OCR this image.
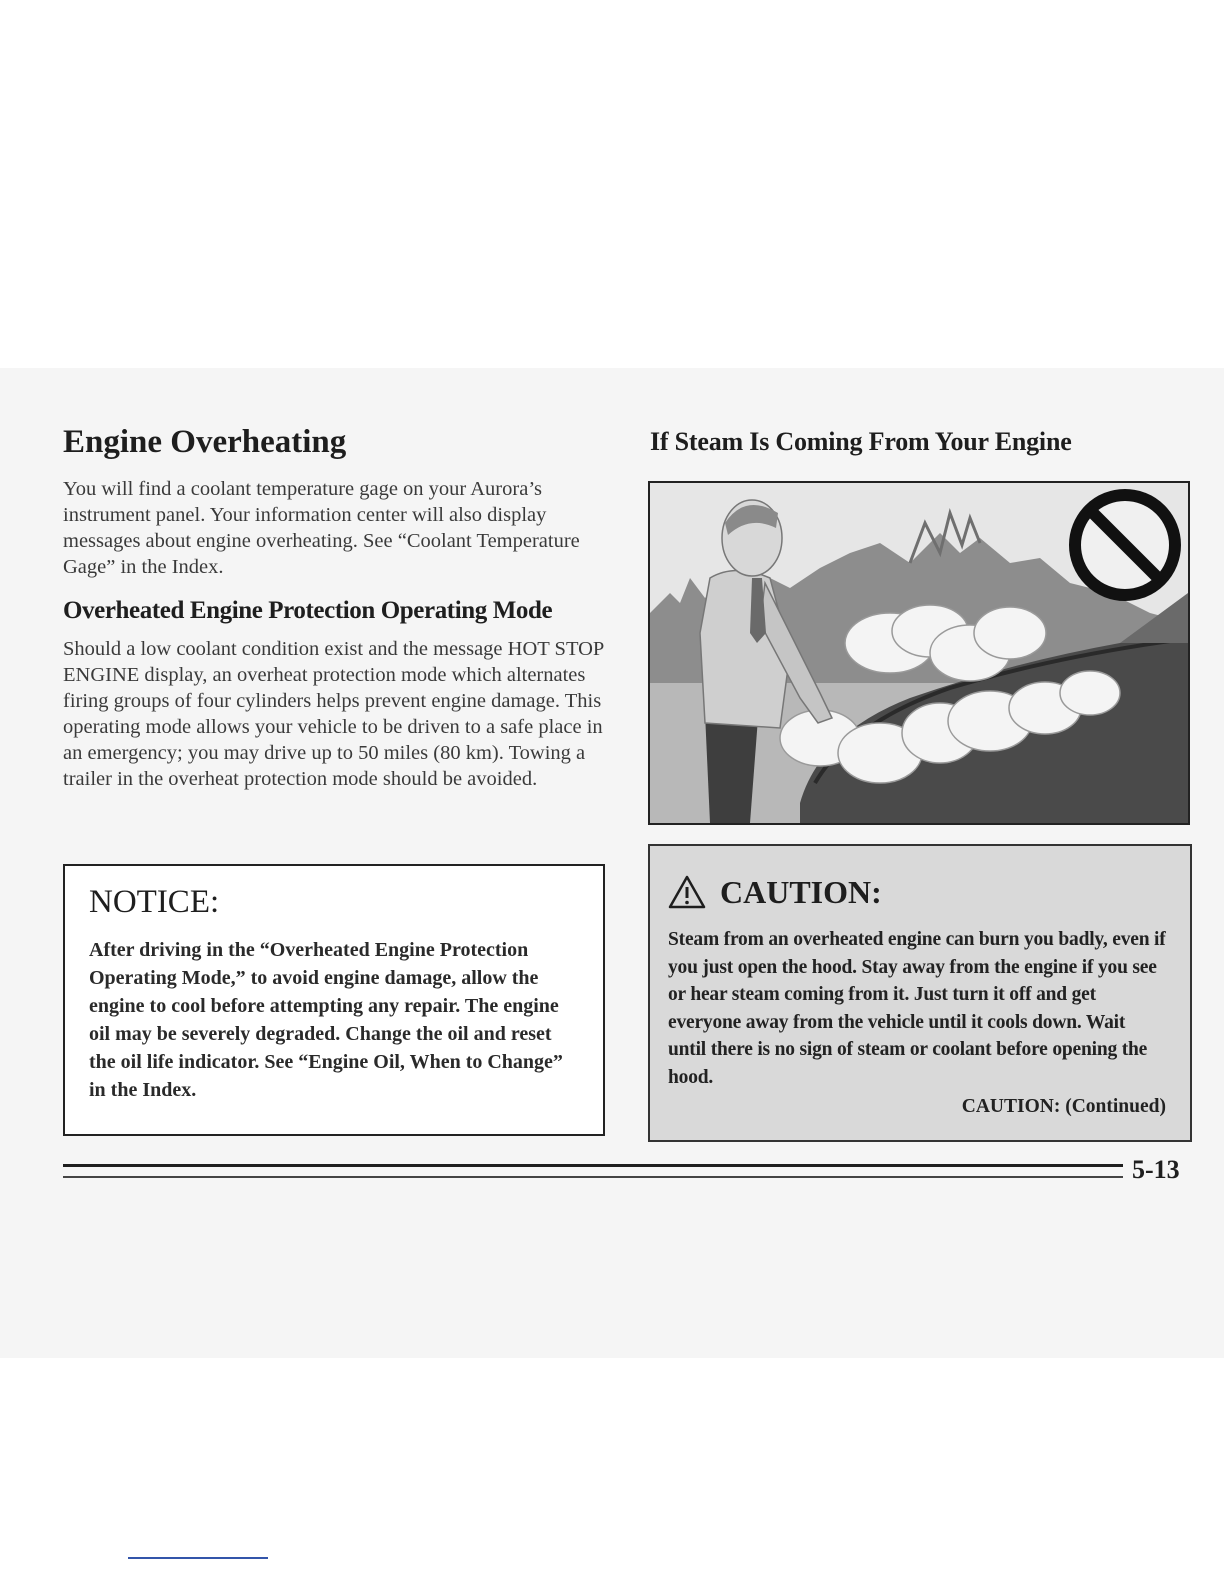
Engine Overheating

You will find a coolant temperature gage on your Aurora’s instrument panel. Your information center will also display messages about engine overheating. See “Coolant Temperature Gage” in the Index.

Overheated Engine Protection Operating Mode

Should a low coolant condition exist and the message HOT STOP ENGINE display, an overheat protection mode which alternates firing groups of four cylinders helps prevent engine damage. This operating mode allows your vehicle to be driven to a safe place in an emergency; you may drive up to 50 miles (80 km). Towing a trailer in the overheat protection mode should be avoided.

NOTICE:

After driving in the “Overheated Engine Protection Operating Mode,” to avoid engine damage, allow the engine to cool before attempting any repair. The engine oil may be severely degraded. Change the oil and reset the oil life indicator. See “Engine Oil, When to Change” in the Index.

If Steam Is Coming From Your Engine
CAUTION:

Steam from an overheated engine can burn you badly, even if you just open the hood. Stay away from the engine if you see or hear steam coming from it. Just turn it off and get everyone away from the vehicle until it cools down. Wait until there is no sign of steam or coolant before opening the hood.

CAUTION: (Continued)
5-13
